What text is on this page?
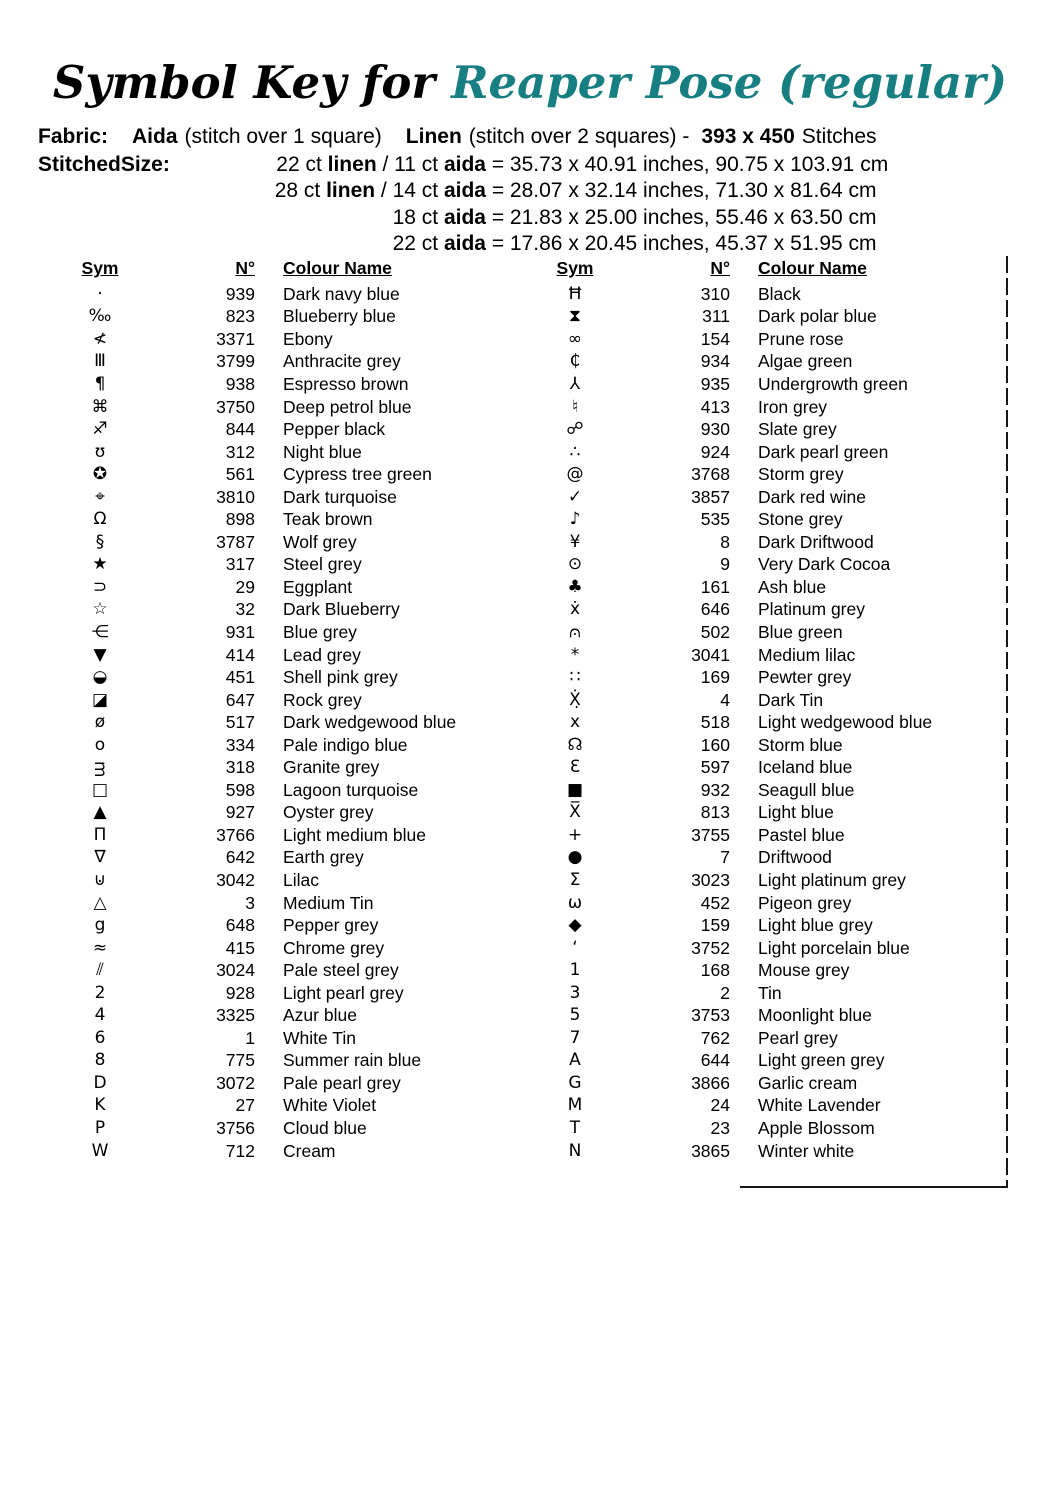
Symbol Key for Reaper Pose (regular)
Fabric: Aida (stitch over 1 square) Linen (stitch over 2 squares) - 393 x 450 Stitches
StitchedSize:	22 ct linen / 11 ct aida = 35.73 x 40.91 inches, 90.75 x 103.91 cm
28 ct linen / 14 ct aida = 28.07 x 32.14 inches, 71.30 x 81.64 cm
18 ct aida = 21.83 x 25.00 inches, 55.46 x 63.50 cm
22 ct aida = 17.86 x 20.45 inches, 45.37 x 51.95 cm
Sym	N° Colour Name
·	939 Dark navy blue
‰	823 Blueberry blue
≮	3371 Ebony
Ⅲ	3799 Anthracite grey
¶	938 Espresso brown
⌘	3750 Deep petrol blue
♐	844 Pepper black
ʊ	312 Night blue
✪	561 Cypress tree green
⌖	3810 Dark turquoise
Ω	898 Teak brown
§	3787 Wolf grey
★	317 Steel grey
⊃	29 Eggplant
☆	32 Dark Blueberry
⋲	931 Blue grey
▼	414 Lead grey
◒	451 Shell pink grey
◪	647 Rock grey
ø	517 Dark wedgewood blue
o	334 Pale indigo blue
ᴟ	318 Granite grey
□	598 Lagoon turquoise
▲	927 Oyster grey
Π	3766 Light medium blue
∇	642 Earth grey
⊍	3042 Lilac
△	3 Medium Tin
g	648 Pepper grey
≈	415 Chrome grey
⫽	3024 Pale steel grey
2	928 Light pearl grey
4	3325 Azur blue
6	1 White Tin
8	775 Summer rain blue
D	3072 Pale pearl grey
K	27 White Violet
P	3756 Cloud blue
W	712 Cream
Sym	N° Colour Name
Ħ	310 Black
⧗	311 Dark polar blue
∞	154 Prune rose
₵	934 Algae green
⅄	935 Undergrowth green
♮	413 Iron grey
☍	930 Slate grey
∴	924 Dark pearl green
@	3768 Storm grey
✓	3857 Dark red wine
♪	535 Stone grey
¥	8 Dark Driftwood
⊙	9 Very Dark Cocoa
♣	161 Ash blue
ẋ	646 Platinum grey
⩀	502 Blue green
*	3041 Medium lilac
∷	169 Pewter grey
Ẋ̣	4 Dark Tin
x	518 Light wedgewood blue
☊	160 Storm blue
Ɛ	597 Iceland blue
■	932 Seagull blue
X̅	813 Light blue
+	3755 Pastel blue
●	7 Driftwood
Σ	3023 Light platinum grey
ω	452 Pigeon grey
◆	159 Light blue grey
‘	3752 Light porcelain blue
1	168 Mouse grey
3	2 Tin
5	3753 Moonlight blue
7	762 Pearl grey
A	644 Light green grey
G	3866 Garlic cream
M	24 White Lavender
T	23 Apple Blossom
N	3865 Winter white
